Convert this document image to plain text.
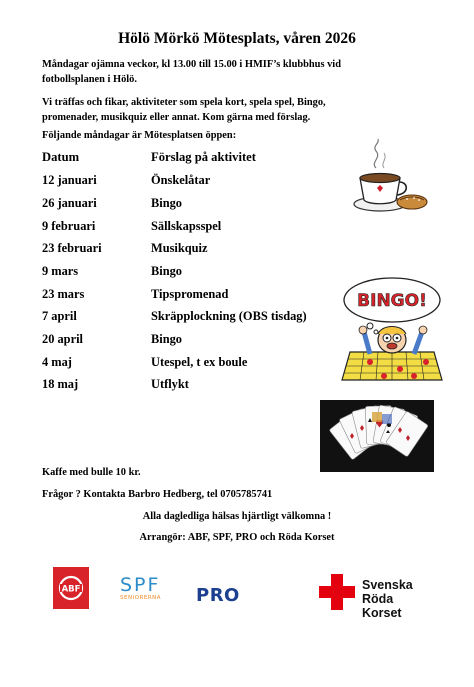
Hölö Mörkö Mötesplats, våren 2026
Måndagar ojämna veckor, kl 13.00 till 15.00 i HMIF’s klubbhus vid
fotbollsplanen i Hölö.
Vi träffas och fikar, aktiviteter som spela kort, spela spel, Bingo,
promenader, musikquiz eller annat. Kom gärna med förslag.
Följande måndagar är Mötesplatsen öppen:
Datum	Förslag på aktivitet
12 januari	Önskelåtar
26 januari	Bingo
9 februari	Sällskapsspel
23 februari	Musikquiz
9 mars	Bingo
23 mars	Tipspromenad
7 april	Skräpplockning (OBS tisdag)
20 april	Bingo
4 maj	Utespel, t ex boule
18 maj	Utflykt
BINGO!
Kaffe med bulle 10 kr.
Frågor ? Kontakta Barbro Hedberg, tel 0705785741
Alla dagledliga hälsas hjärtligt välkomna !
Arrangör: ABF, SPF, PRO och Röda Korset
ABF SPF
SENIORERNA	PRO	Svenska
Röda Korset
